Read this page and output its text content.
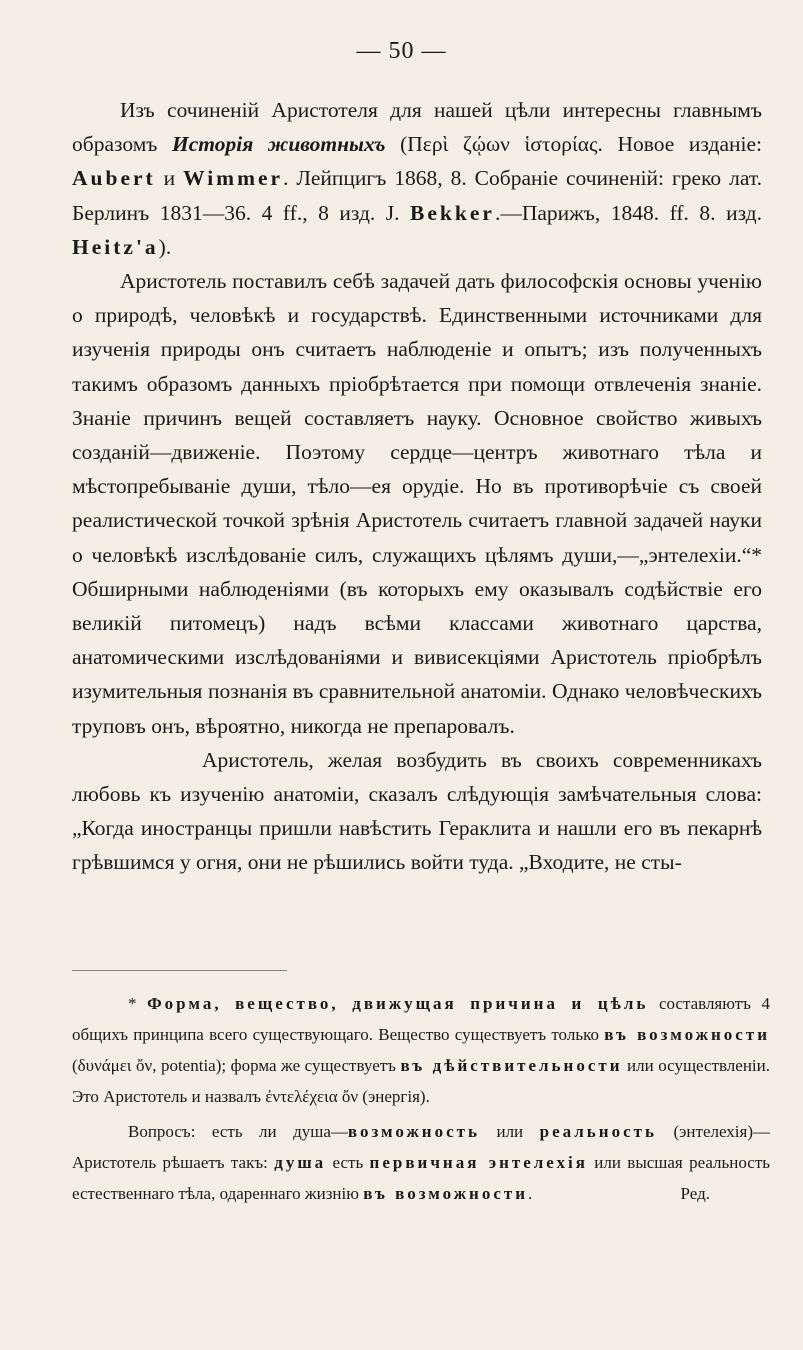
— 50 —

Изъ сочиненій Аристотеля для нашей цѣли интересны главнымъ образомъ Исторія животныхъ (Περὶ ζῴων ἱστορίας. Новое изданіе: Aubert и Wimmer. Лейпцигъ 1868, 8. Собраніе сочиненій: греко лат. Берлинъ 1831—36. 4 ff., 8 изд. J. Bekker.—Парижъ, 1848. ff. 8. изд. Heitz'a).

Аристотель поставилъ себѣ задачей дать философскія основы ученію о природѣ, человѣкѣ и государствѣ. Единственными источниками для изученія природы онъ считаетъ наблюденіе и опытъ; изъ полученныхъ такимъ образомъ данныхъ пріобрѣтается при помощи отвлеченія знаніе. Знаніе причинъ вещей составляетъ науку. Основное свойство живыхъ созданій—движеніе. Поэтому сердце—центръ животнаго тѣла и мѣстопребываніе души, тѣло—ея орудіе. Но въ противорѣчіе съ своей реалистической точкой зрѣнія Аристотель считаетъ главной задачей науки о человѣкѣ изслѣдованіе силъ, служащихъ цѣлямъ души,—„энтелехіи.“* Обширными наблюденіями (въ которыхъ ему оказывалъ содѣйствіе его великій питомецъ) надъ всѣми классами животнаго царства, анатомическими изслѣдованіями и вивисекціями Аристотель пріобрѣлъ изумительныя познанія въ сравнительной анатоміи. Однако человѣческихъ труповъ онъ, вѣроятно, никогда не препаровалъ.

Аристотель, желая возбудить въ своихъ современникахъ любовь къ изученію анатоміи, сказалъ слѣдующія замѣчательныя слова: „Когда иностранцы пришли навѣстить Гераклита и нашли его въ пекарнѣ грѣвшимся у огня, они не рѣшились войти туда. „Входите, не сты-

* Форма, вещество, движущая причина и цѣль составляютъ 4 общихъ принципа всего существующаго. Вещество существуетъ только въ возможности (δυνάμει ὄν, potentia); форма же существуетъ въ дѣйствительности или осуществленіи. Это Аристотель и назвалъ ἐντελέχεια ὄν (энергія).

Вопросъ: есть ли душа—возможность или реальность (энтелехія)—Аристотель рѣшаетъ такъ: душа есть первичная энтелехія или высшая реальность естественнаго тѣла, одареннаго жизнію въ возможности.	Ред.
